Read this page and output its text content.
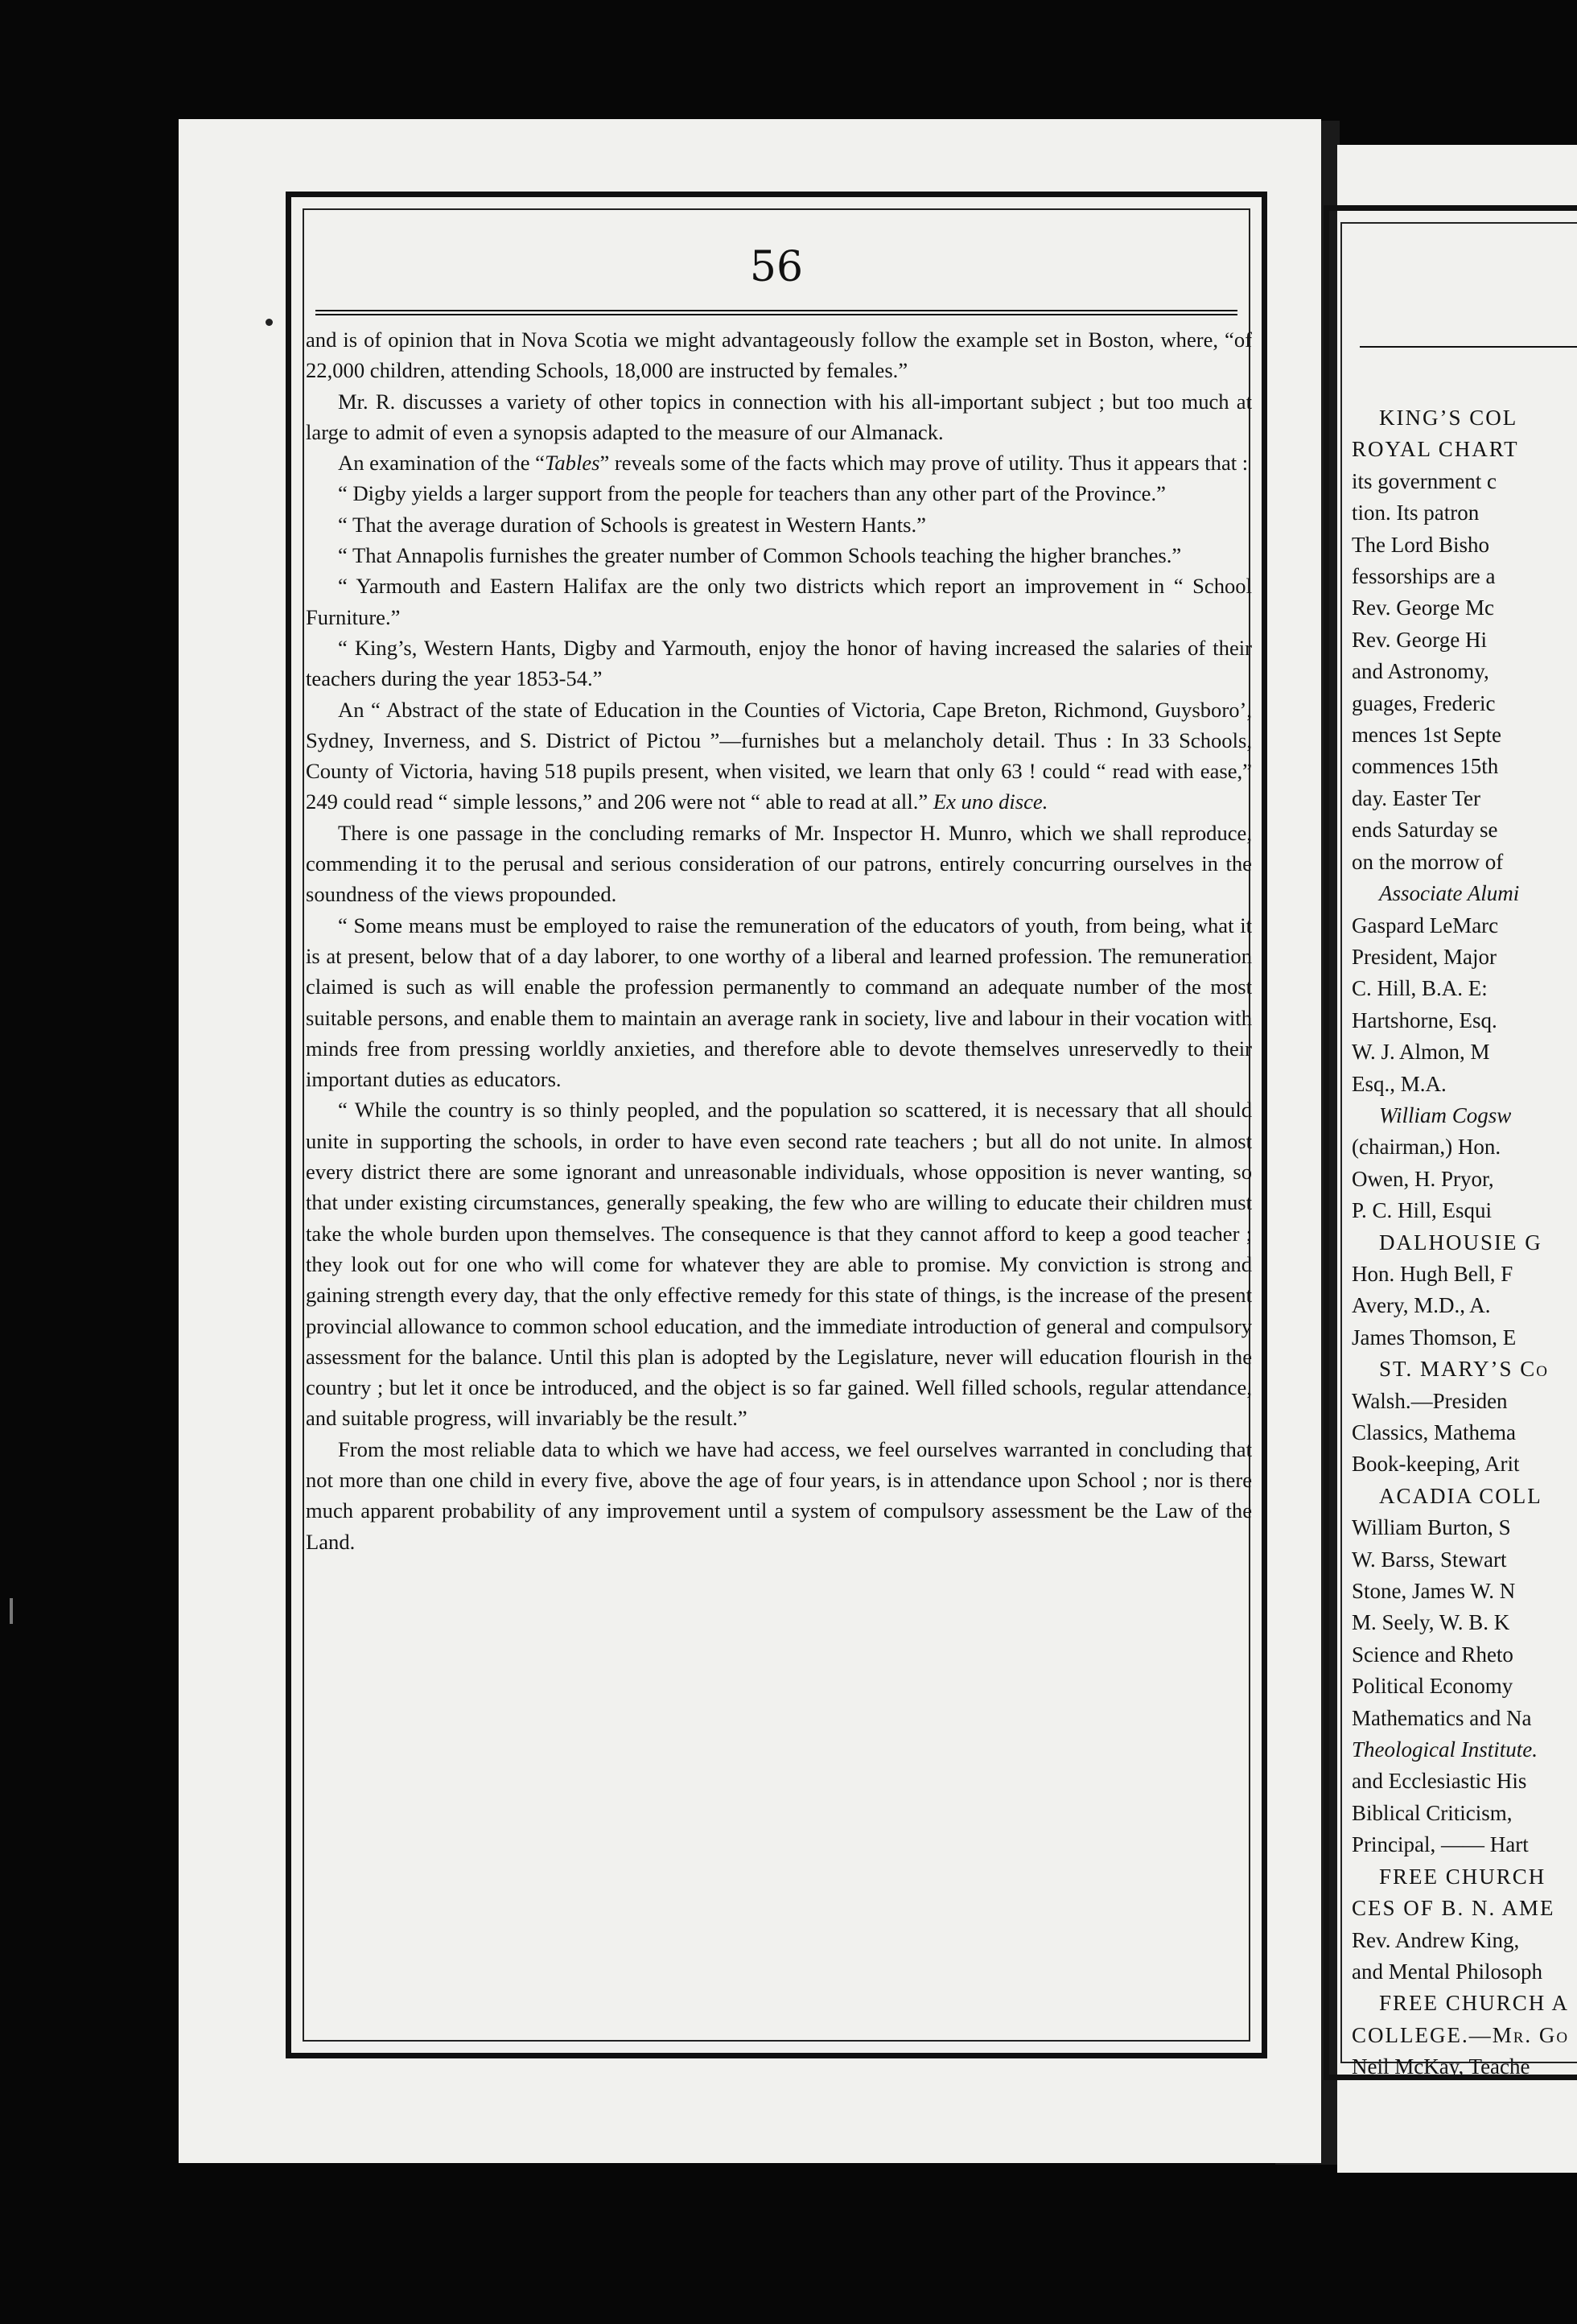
56

and is of opinion that in Nova Scotia we might advantageously follow the example set in Boston, where, “of 22,000 children, attending Schools, 18,000 are instructed by females.”

Mr. R. discusses a variety of other topics in connection with his all-important subject ; but too much at large to admit of even a synopsis adapted to the measure of our Almanack.

An examination of the “Tables” reveals some of the facts which may prove of utility. Thus it appears that :

“ Digby yields a larger support from the people for teachers than any other part of the Province.”

“ That the average duration of Schools is greatest in Western Hants.”

“ That Annapolis furnishes the greater number of Common Schools teaching the higher branches.”

“ Yarmouth and Eastern Halifax are the only two districts which report an improvement in “ School Furniture.”

“ King’s, Western Hants, Digby and Yarmouth, enjoy the honor of having increased the salaries of their teachers during the year 1853-54.”

An “ Abstract of the state of Education in the Counties of Victoria, Cape Breton, Richmond, Guysboro’, Sydney, Inverness, and S. District of Pictou ”—furnishes but a melancholy detail. Thus : In 33 Schools, County of Victoria, having 518 pupils present, when visited, we learn that only 63 ! could “ read with ease,” 249 could read “ simple lessons,” and 206 were not “ able to read at all.” Ex uno disce.

There is one passage in the concluding remarks of Mr. Inspector H. Munro, which we shall reproduce, commending it to the perusal and serious consideration of our patrons, entirely concurring ourselves in the soundness of the views propounded.

“ Some means must be employed to raise the remuneration of the educators of youth, from being, what it is at present, below that of a day laborer, to one worthy of a liberal and learned profession. The remuneration claimed is such as will enable the profession permanently to command an adequate number of the most suitable persons, and enable them to maintain an average rank in society, live and labour in their vocation with minds free from pressing worldly anxieties, and therefore able to devote themselves unreservedly to their important duties as educators.

“ While the country is so thinly peopled, and the population so scattered, it is necessary that all should unite in supporting the schools, in order to have even second rate teachers ; but all do not unite. In almost every district there are some ignorant and unreasonable individuals, whose opposition is never wanting, so that under existing circumstances, generally speaking, the few who are willing to educate their children must take the whole burden upon themselves. The consequence is that they cannot afford to keep a good teacher ; they look out for one who will come for whatever they are able to promise. My conviction is strong and gaining strength every day, that the only effective remedy for this state of things, is the increase of the present provincial allowance to common school education, and the immediate introduction of general and compulsory assessment for the balance. Until this plan is adopted by the Legislature, never will education flourish in the country ; but let it once be introduced, and the object is so far gained. Well filled schools, regular attendance, and suitable progress, will invariably be the result.”

From the most reliable data to which we have had access, we feel ourselves warranted in concluding that not more than one child in every five, above the age of four years, is in attendance upon School ; nor is there much apparent probability of any improvement until a system of compulsory assessment be the Law of the Land.

KING’S COL
ROYAL CHART
its government c
tion. Its patron
The Lord Bisho
fessorships are a
Rev. George Mc
Rev. George Hi
and Astronomy,
guages, Frederic
mences 1st Septe
commences 15th
day. Easter Ter
ends Saturday se
on the morrow of
Associate Alumi
Gaspard LeMarc
President, Major
C. Hill, B.A. E:
Hartshorne, Esq.
W. J. Almon, M
Esq., M.A.
William Cogsw
(chairman,) Hon.
Owen, H. Pryor,
P. C. Hill, Esqui
DALHOUSIE G
Hon. Hugh Bell, F
Avery, M.D., A.
James Thomson, E
ST. MARY’S Co
Walsh.—Presiden
Classics, Mathema
Book-keeping, Arit
ACADIA COLL
William Burton, S
W. Barss, Stewart
Stone, James W. N
M. Seely, W. B. K
Science and Rheto
Political Economy
Mathematics and Na
Theological Institute.
and Ecclesiastic His
Biblical Criticism,
Principal, —— Hart
FREE CHURCH
CES OF B. N. AME
Rev. Andrew King,
and Mental Philosoph
FREE CHURCH A
COLLEGE.—Mr. Go
Neil McKay, Teache
